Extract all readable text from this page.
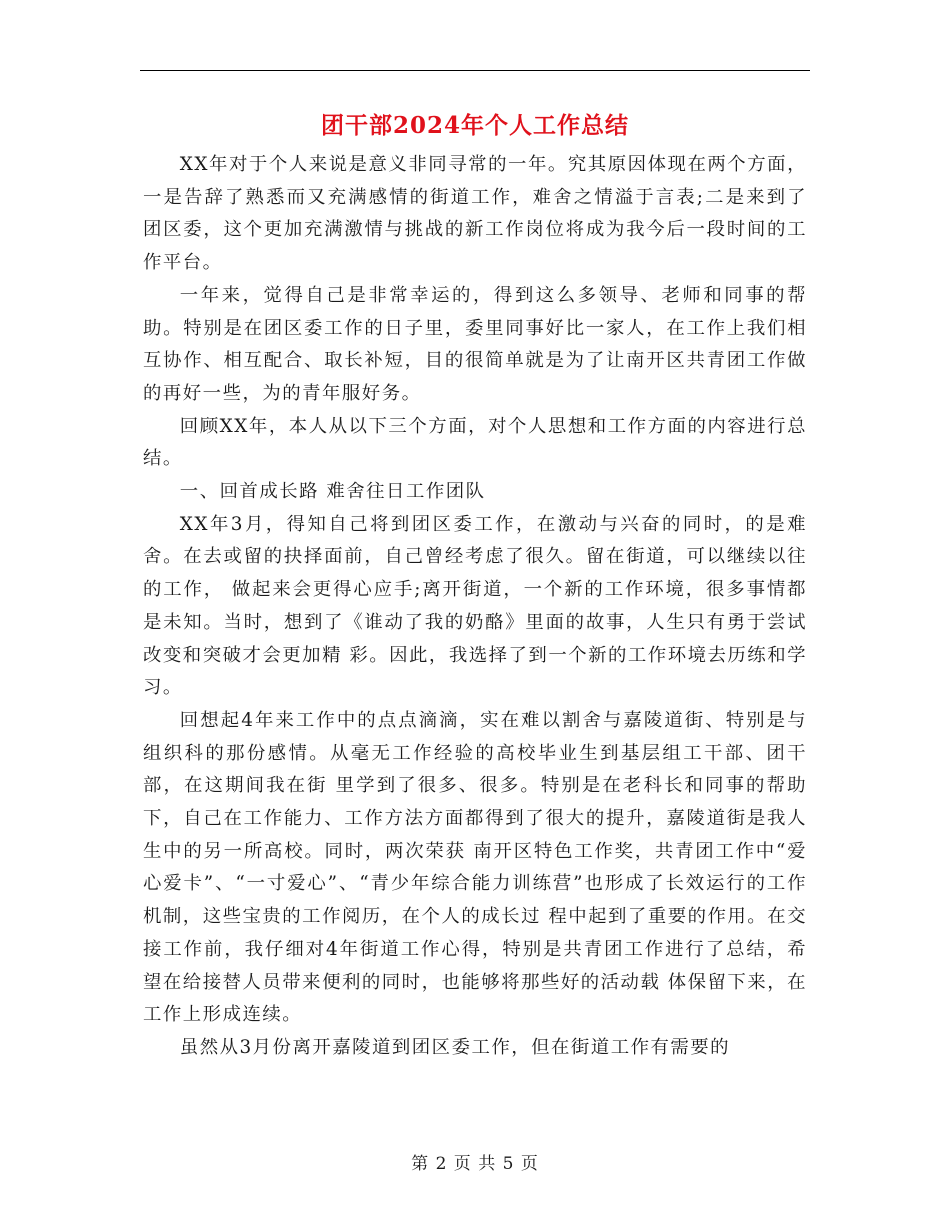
团干部2024年个人工作总结

XX年对于个人来说是意义非同寻常的一年。究其原因体现在两个方面，一是告辞了熟悉而又充满感情的街道工作，难舍之情溢于言表;二是来到了团区委，这个更加充满激情与挑战的新工作岗位将成为我今后一段时间的工作平台。

一年来，觉得自己是非常幸运的，得到这么多领导、老师和同事的帮助。特别是在团区委工作的日子里，委里同事好比一家人，在工作上我们相互协作、相互配合、取长补短，目的很简单就是为了让南开区共青团工作做的再好一些，为的青年服好务。

回顾XX年，本人从以下三个方面，对个人思想和工作方面的内容进行总结。

一、回首成长路 难舍往日工作团队

XX年3月，得知自己将到团区委工作，在激动与兴奋的同时，的是难舍。在去或留的抉择面前，自己曾经考虑了很久。留在街道，可以继续以往的工作， 做起来会更得心应手;离开街道，一个新的工作环境，很多事情都是未知。当时，想到了《谁动了我的奶酪》里面的故事，人生只有勇于尝试改变和突破才会更加精 彩。因此，我选择了到一个新的工作环境去历练和学习。

回想起4年来工作中的点点滴滴，实在难以割舍与嘉陵道街、特别是与组织科的那份感情。从毫无工作经验的高校毕业生到基层组工干部、团干部，在这期间我在街 里学到了很多、很多。特别是在老科长和同事的帮助下，自己在工作能力、工作方法方面都得到了很大的提升，嘉陵道街是我人生中的另一所高校。同时，两次荣获 南开区特色工作奖，共青团工作中“爱心爱卡”、“一寸爱心”、“青少年综合能力训练营”也形成了长效运行的工作机制，这些宝贵的工作阅历，在个人的成长过 程中起到了重要的作用。在交接工作前，我仔细对4年街道工作心得，特别是共青团工作进行了总结，希望在给接替人员带来便利的同时，也能够将那些好的活动载 体保留下来，在工作上形成连续。

虽然从3月份离开嘉陵道到团区委工作，但在街道工作有需要的

第 2 页 共 5 页
